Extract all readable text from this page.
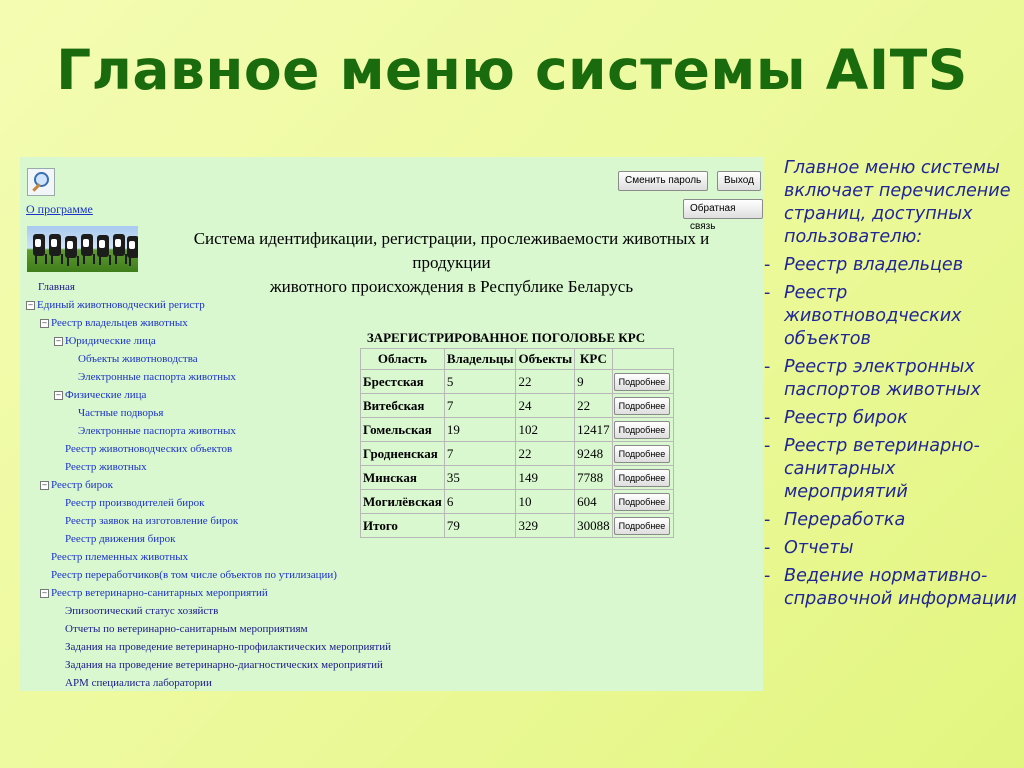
Главное меню системы AITS
О программе
Сменить пароль	Выход
Обратная связь
Система идентификации, регистрации, прослеживаемости животных и продукции
животного происхождения в Республике Беларусь
Главная
− Единый животноводческий регистр
− Реестр владельцев животных
− Юридические лица
Объекты животноводства
Электронные паспорта животных
− Физические лица
Частные подворья
Электронные паспорта животных
Реестр животноводческих объектов
Реестр животных
− Реестр бирок
Реестр производителей бирок
Реестр заявок на изготовление бирок
Реестр движения бирок
Реестр племенных животных
Реестр переработчиков(в том числе объектов по утилизации)
− Реестр ветеринарно-санитарных мероприятий
Эпизоотический статус хозяйств
Отчеты по ветеринарно-санитарным мероприятиям
Задания на проведение ветеринарно-профилактических мероприятий
Задания на проведение ветеринарно-диагностических мероприятий
АРМ специалиста лаборатории
ЗАРЕГИСТРИРОВАННОЕ ПОГОЛОВЬЕ КРС
Область	Владельцы	Объекты	КРС	
Брестская	5	22	9	Подробнее
Витебская	7	24	22	Подробнее
Гомельская	19	102	12417	Подробнее
Гродненская	7	22	9248	Подробнее
Минская	35	149	7788	Подробнее
Могилёвская	6	10	604	Подробнее
Итого	79	329	30088	Подробнее
Главное меню системы включает перечисление страниц, доступных пользователю:
- Реестр владельцев
- Реестр животноводческих объектов
- Реестр электронных паспортов животных
- Реестр бирок
- Реестр ветеринарно-санитарных мероприятий
- Переработка
- Отчеты
- Ведение нормативно-справочной информации
